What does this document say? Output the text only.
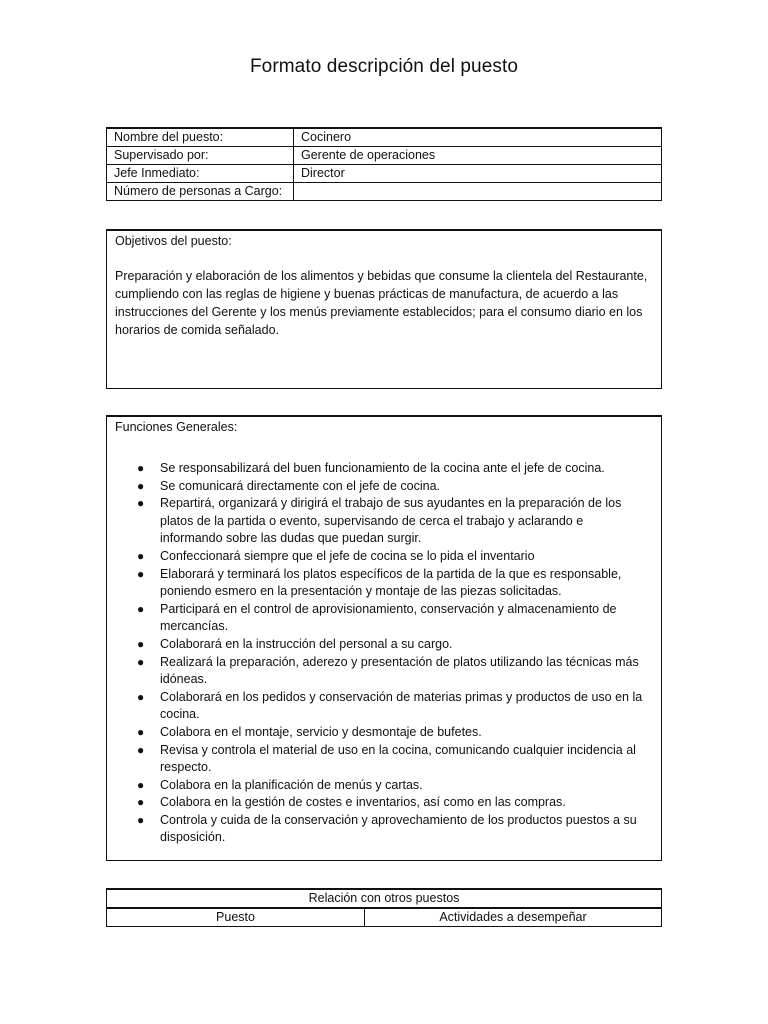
Formato descripción del puesto
Nombre del puesto:	Cocinero
Supervisado por:	Gerente de operaciones
Jefe Inmediato:	Director
Número de personas a Cargo:	
Objetivos del puesto:
Preparación y elaboración de los alimentos y bebidas que consume la clientela del Restaurante, cumpliendo con las reglas de higiene y buenas prácticas de manufactura, de acuerdo a las instrucciones del Gerente y los menús previamente establecidos; para el consumo diario en los horarios de comida señalado.
Funciones Generales:
● Se responsabilizará del buen funcionamiento de la cocina ante el jefe de cocina.
● Se comunicará directamente con el jefe de cocina.
● Repartirá, organizará y dirigirá el trabajo de sus ayudantes en la preparación de los platos de la partida o evento, supervisando de cerca el trabajo y aclarando e informando sobre las dudas que puedan surgir.
● Confeccionará siempre que el jefe de cocina se lo pida el inventario
● Elaborará y terminará los platos específicos de la partida de la que es responsable, poniendo esmero en la presentación y montaje de las piezas solicitadas.
● Participará en el control de aprovisionamiento, conservación y almacenamiento de mercancías.
● Colaborará en la instrucción del personal a su cargo.
● Realizará la preparación, aderezo y presentación de platos utilizando las técnicas más idóneas.
● Colaborará en los pedidos y conservación de materias primas y productos de uso en la cocina.
● Colabora en el montaje, servicio y desmontaje de bufetes.
● Revisa y controla el material de uso en la cocina, comunicando cualquier incidencia al respecto.
● Colabora en la planificación de menús y cartas.
● Colabora en la gestión de costes e inventarios, así como en las compras.
● Controla y cuida de la conservación y aprovechamiento de los productos puestos a su disposición.
Relación con otros puestos
Puesto	Actividades a desempeñar
